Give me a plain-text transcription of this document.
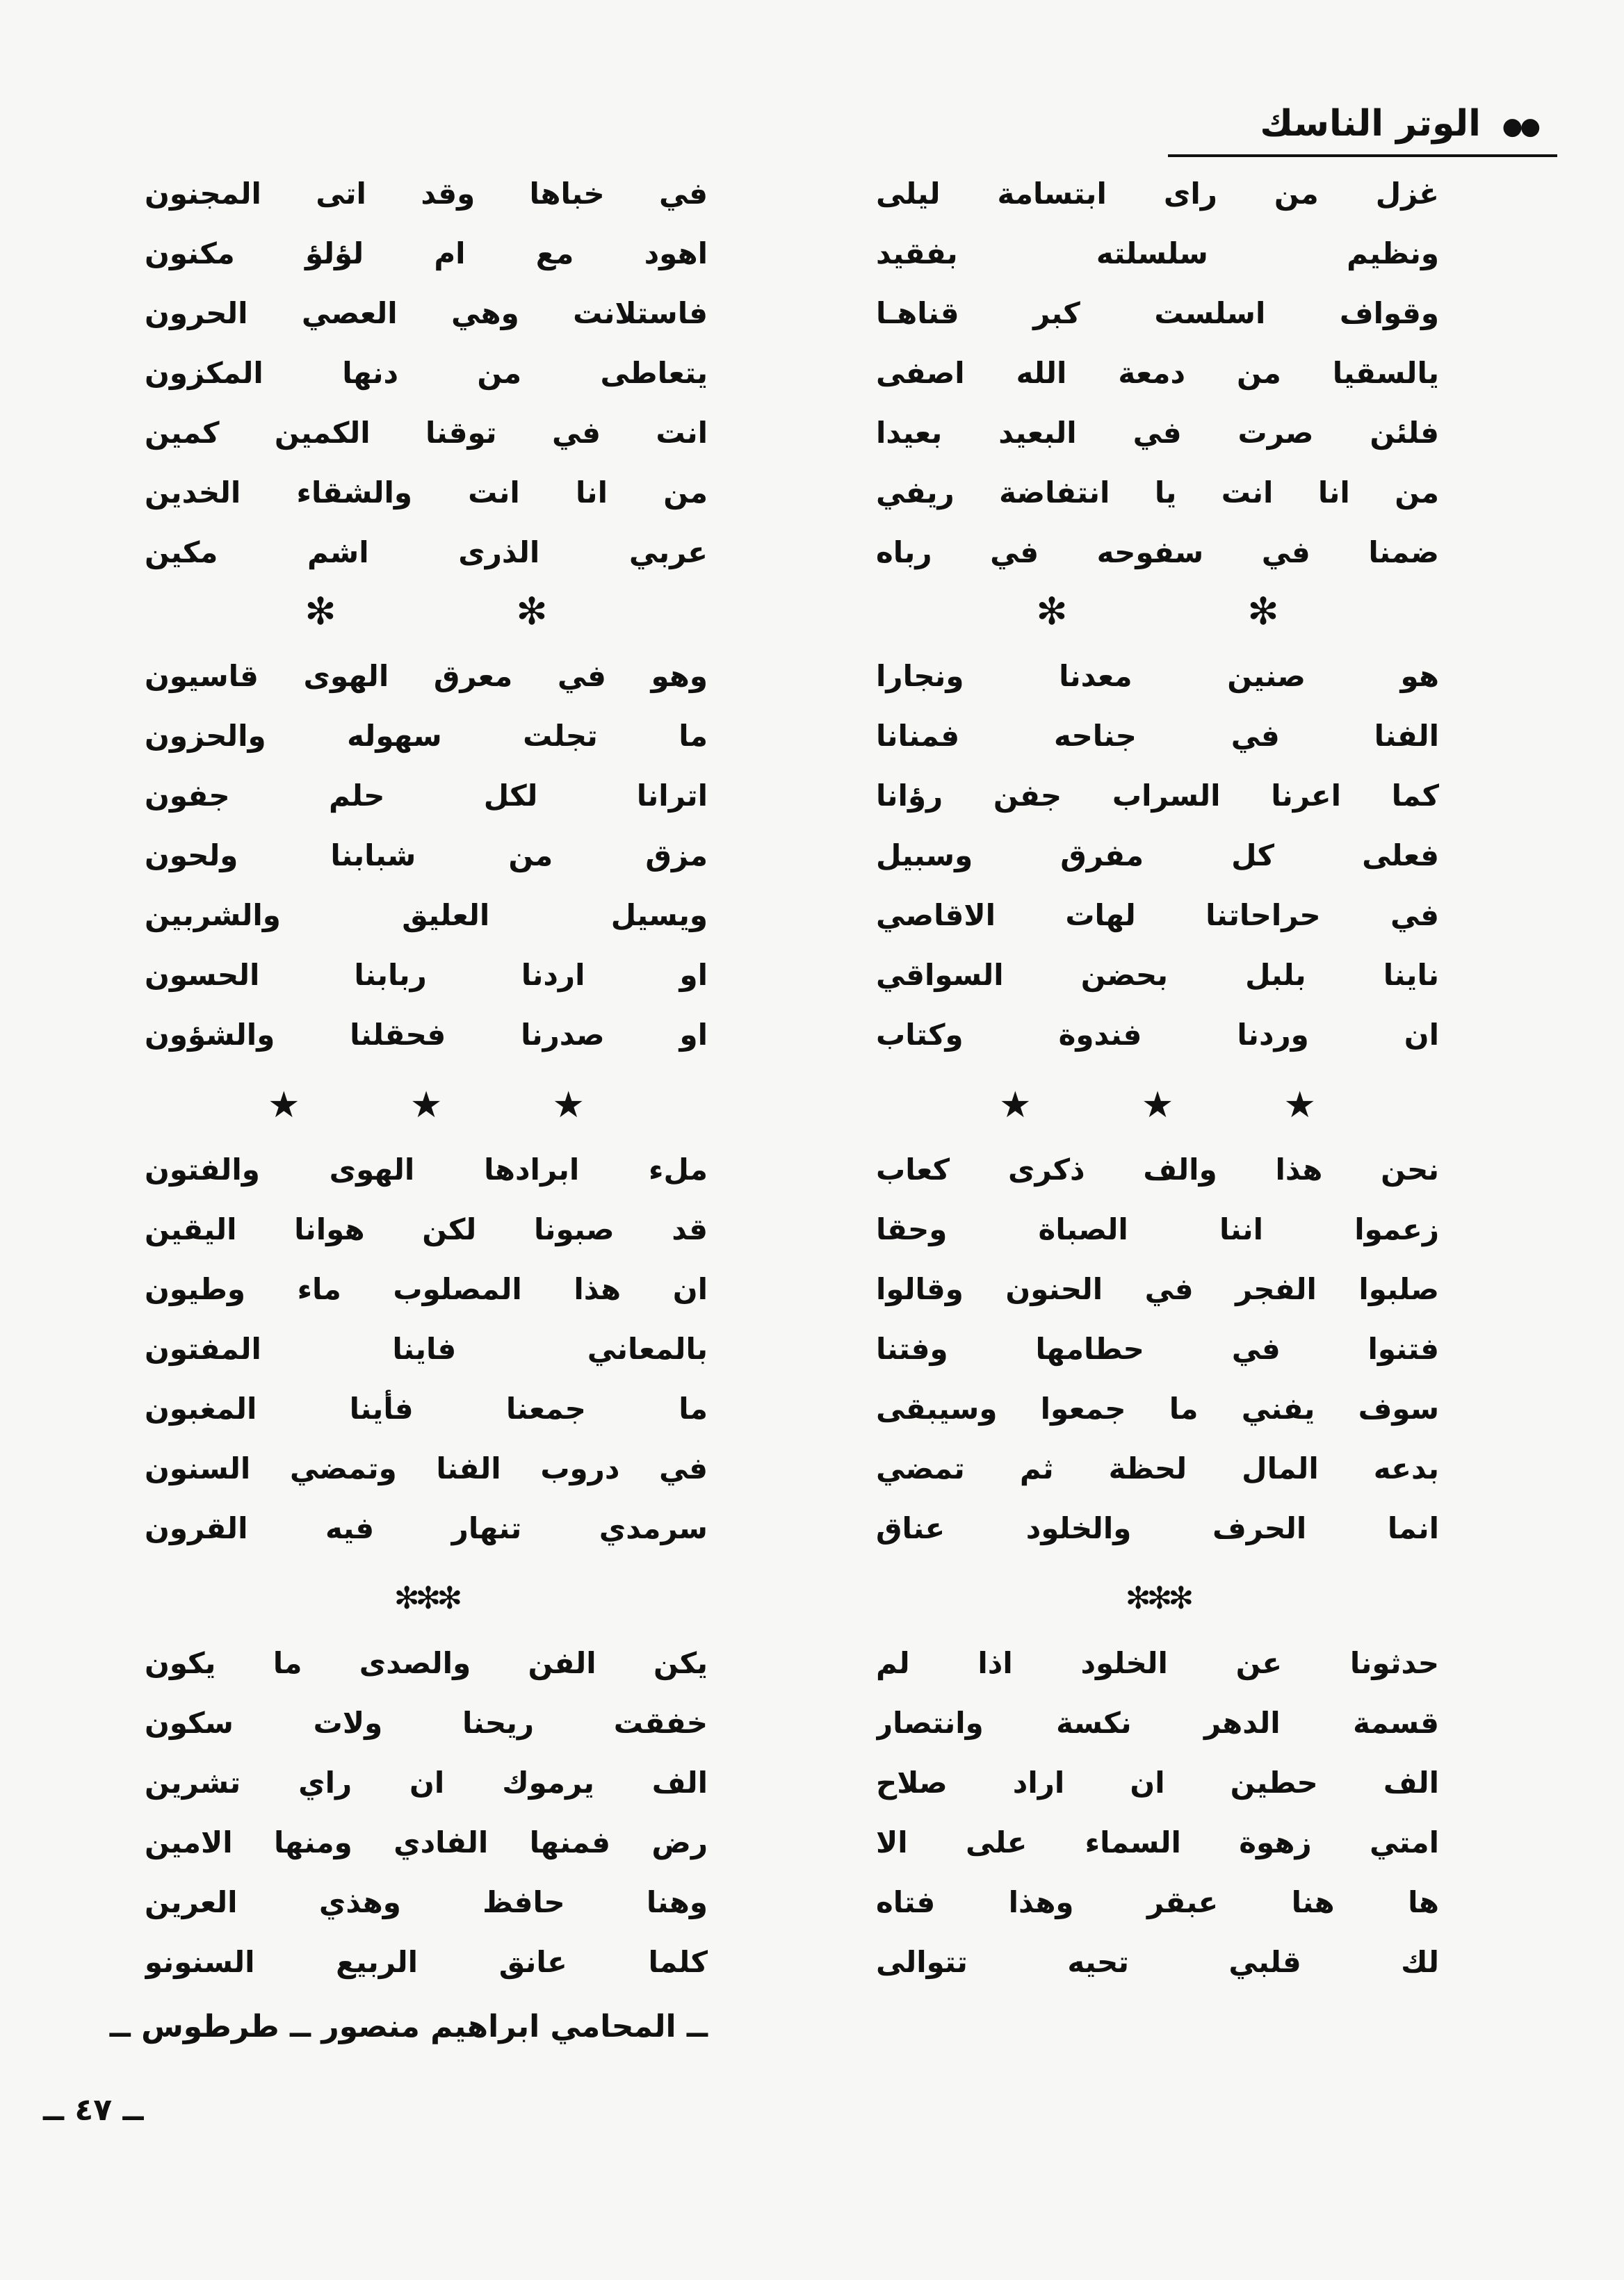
الوتر الناسك ●●
غزل من راى ابتسامة ليلى
ونظيم سلسلته بفقيد
وقواف اسلست كبر قناهـا
يالسقيا من دمعة الله اصفى
فلئن صرت في البعيد بعيدا
من انا انت يا انتفاضة ريفي
ضمنا في سفوحه في رباه
✻ ✻
هو صنين معدنا ونجارا
الفنا في جناحه فمنانا
كما اعرنا السراب جفن رؤانا
فعلى كل مفرق وسبيل
في حراحاتنا لهات الاقاصي
ناينا بلبل بحضن السواقي
ان وردنا فندوة وكتاب
★ ★ ★
نحن هذا والف ذكرى كعاب
زعموا اننا الصباة وحقا
صلبوا الفجر في الحنون وقالوا
فتنوا في حطامها وفتنا
سوف يفني ما جمعوا وسيبقى
بدعه المال لحظة ثم تمضي
انما الحرف والخلود عناق
✻✻✻
حدثونا عن الخلود اذا لم
قسمة الدهر نكسة وانتصار
الف حطين ان اراد صلاح
امتي زهوة السماء على الا
ها هنا عبقر وهذا فتاه
لك قلبي تحيه تتوالى
في خباها وقد اتى المجنون
اهود مع ام لؤلؤ مكنون
فاستلانت وهي العصي الحرون
يتعاطى من دنها المكزون
انت في توقنا الكمين كمين
من انا انت والشقاء الخدين
عربي الذرى اشم مكين
✻ ✻
وهو في معرق الهوى قاسيون
ما تجلت سهوله والحزون
اترانا لكل حلم جفون
مزق من شبابنا ولحون
ويسيل العليق والشربين
او اردنا ربابنا الحسون
او صدرنا فحقلنا والشؤون
★ ★ ★
ملء ابرادها الهوى والفتون
قد صبونا لكن هوانا اليقين
ان هذا المصلوب ماء وطيون
بالمعاني فاينا المفتون
ما جمعنا فأينا المغبون
في دروب الفنا وتمضي السنون
سرمدي تنهار فيه القرون
✻✻✻
يكن الفن والصدى ما يكون
خفقت ريحنا ولات سكون
الف يرموك ان راي تشرين
رض فمنها الفادي ومنها الامين
وهنا حافظ وهذي العرين
كلما عانق الربيع السنونو
ــ المحامي ابراهيم منصور ــ طرطوس ــ
ــ ٤٧ ــ
